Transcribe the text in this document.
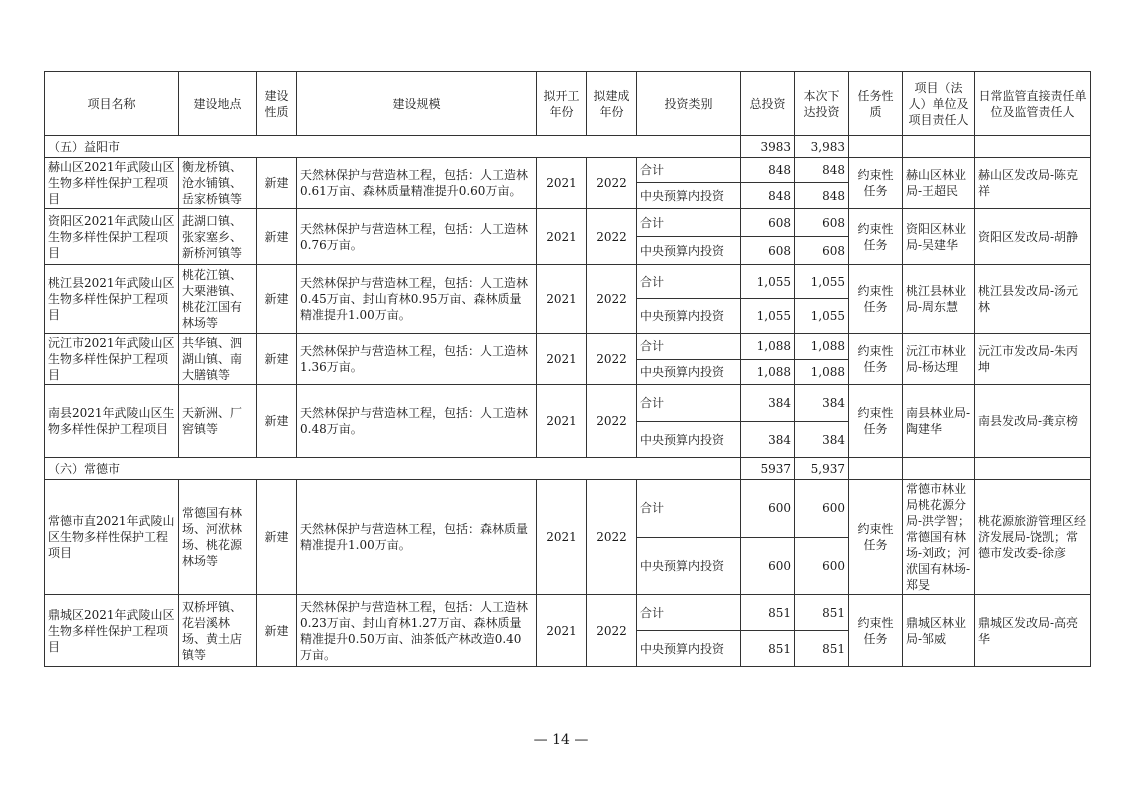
项目名称	建设地点	建设性质	建设规模	拟开工年份	拟建成年份	投资类别	总投资	本次下达投资	任务性质	项目（法人）单位及项目责任人	日常监管直接责任单位及监管责任人
（五）益阳市							3983	3,983			
赫山区2021年武陵山区生物多样性保护工程项目	衡龙桥镇、沧水铺镇、岳家桥镇等	新建	天然林保护与营造林工程，包括：人工造林0.61万亩、森林质量精准提升0.60万亩。	2021	2022	合计	848	848	约束性任务	赫山区林业局-王超民	赫山区发改局-陈克祥
						中央预算内投资	848	848			
资阳区2021年武陵山区生物多样性保护工程项目	茈湖口镇、张家塞乡、新桥河镇等	新建	天然林保护与营造林工程，包括：人工造林0.76万亩。	2021	2022	合计	608	608	约束性任务	资阳区林业局-吴建华	资阳区发改局-胡静
						中央预算内投资	608	608			
桃江县2021年武陵山区生物多样性保护工程项目	桃花江镇、大栗港镇、桃花江国有林场等	新建	天然林保护与营造林工程，包括：人工造林0.45万亩、封山育林0.95万亩、森林质量精准提升1.00万亩。	2021	2022	合计	1,055	1,055	约束性任务	桃江县林业局-周东慧	桃江县发改局-汤元林
						中央预算内投资	1,055	1,055			
沅江市2021年武陵山区生物多样性保护工程项目	共华镇、泗湖山镇、南大膳镇等	新建	天然林保护与营造林工程，包括：人工造林1.36万亩。	2021	2022	合计	1,088	1,088	约束性任务	沅江市林业局-杨达理	沅江市发改局-朱丙坤
						中央预算内投资	1,088	1,088			
南县2021年武陵山区生物多样性保护工程项目	天新洲、厂窖镇等	新建	天然林保护与营造林工程，包括：人工造林0.48万亩。	2021	2022	合计	384	384	约束性任务	南县林业局-陶建华	南县发改局-龚京榜
						中央预算内投资	384	384			
（六）常德市							5937	5,937			
常德市直2021年武陵山区生物多样性保护工程项目	常德国有林场、河洑林场、桃花源林场等	新建	天然林保护与营造林工程，包括：森林质量精准提升1.00万亩。	2021	2022	合计	600	600	约束性任务	常德市林业局桃花源分局-洪学智；常德国有林场-刘政；河洑国有林场-郑旻	桃花源旅游管理区经济发展局-饶凯；常德市发改委-徐彦
						中央预算内投资	600	600			
鼎城区2021年武陵山区生物多样性保护工程项目	双桥坪镇、花岩溪林场、黄土店镇等	新建	天然林保护与营造林工程，包括：人工造林0.23万亩、封山育林1.27万亩、森林质量精准提升0.50万亩、油茶低产林改造0.40万亩。	2021	2022	合计	851	851	约束性任务	鼎城区林业局-邹威	鼎城区发改局-高亮华
						中央预算内投资	851	851			
— 14 —
